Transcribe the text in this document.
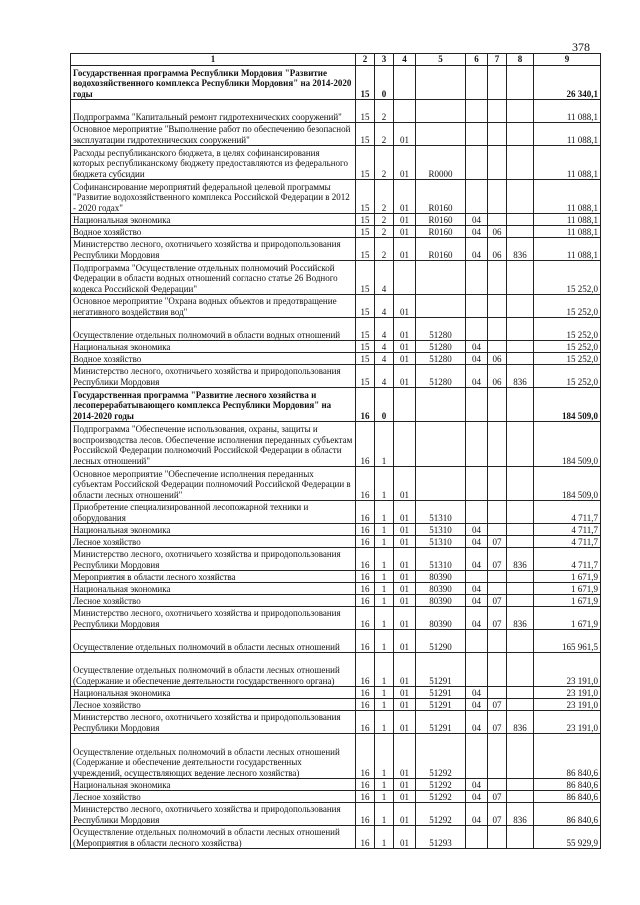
378
1	2	3	4	5	6	7	8	9
Государственная программа Республики Мордовия "Развитие водохозяйственного комплекса Республики Мордовия" на 2014-2020 годы	15	0						26 340,1
Подпрограмма "Капитальный ремонт гидротехнических сооружений"	15	2						11 088,1
Основное мероприятие "Выполнение работ по обеспечению безопасной эксплуатации гидротехнических сооружений"	15	2	01					11 088,1
Расходы республиканского бюджета, в целях софинансирования которых республиканскому бюджету предоставляются из федерального бюджета субсидии	15	2	01	R0000				11 088,1
Софинансирование мероприятий федеральной целевой программы "Развитие водохозяйственного комплекса Российской Федерации в 2012 - 2020 годах"	15	2	01	R0160				11 088,1
Национальная экономика	15	2	01	R0160	04			11 088,1
Водное хозяйство	15	2	01	R0160	04	06		11 088,1
Министерство лесного, охотничьего хозяйства и природопользования Республики Мордовия	15	2	01	R0160	04	06	836	11 088,1
Подпрограмма "Осуществление отдельных полномочий Российской Федерации в области водных отношений согласно статье 26 Водного кодекса Российской Федерации"	15	4						15 252,0
Основное мероприятие "Охрана водных объектов и предотвращение негативного воздействия вод"	15	4	01					15 252,0
Осуществление отдельных полномочий в области водных отношений	15	4	01	51280				15 252,0
Национальная экономика	15	4	01	51280	04			15 252,0
Водное хозяйство	15	4	01	51280	04	06		15 252,0
Министерство лесного, охотничьего хозяйства и природопользования Республики Мордовия	15	4	01	51280	04	06	836	15 252,0
Государственная программа "Развитие лесного хозяйства и лесоперерабатывающего комплекса Республики Мордовия" на 2014-2020 годы	16	0						184 509,0
Подпрограмма "Обеспечение использования, охраны, защиты и воспроизводства лесов. Обеспечение исполнения переданных субъектам Российской Федерации полномочий Российской Федерации в области лесных отношений"	16	1						184 509,0
Основное мероприятие "Обеспечение исполнения переданных субъектам Российской Федерации полномочий Российской Федерации в области лесных отношений"	16	1	01					184 509,0
Приобретение специализированной лесопожарной техники и оборудования	16	1	01	51310				4 711,7
Национальная экономика	16	1	01	51310	04			4 711,7
Лесное хозяйство	16	1	01	51310	04	07		4 711,7
Министерство лесного, охотничьего хозяйства и природопользования Республики Мордовия	16	1	01	51310	04	07	836	4 711,7
Мероприятия в области лесного хозяйства	16	1	01	80390				1 671,9
Национальная экономика	16	1	01	80390	04			1 671,9
Лесное хозяйство	16	1	01	80390	04	07		1 671,9
Министерство лесного, охотничьего хозяйства и природопользования Республики Мордовия	16	1	01	80390	04	07	836	1 671,9
Осуществление отдельных полномочий в области лесных отношений	16	1	01	51290				165 961,5
Осуществление отдельных полномочий в области лесных отношений (Содержание и обеспечение деятельности государственного органа)	16	1	01	51291				23 191,0
Национальная экономика	16	1	01	51291	04			23 191,0
Лесное хозяйство	16	1	01	51291	04	07		23 191,0
Министерство лесного, охотничьего хозяйства и природопользования Республики Мордовия	16	1	01	51291	04	07	836	23 191,0
Осуществление отдельных полномочий в области лесных отношений (Содержание и обеспечение деятельности государственных учреждений, осуществляющих ведение лесного хозяйства)	16	1	01	51292				86 840,6
Национальная экономика	16	1	01	51292	04			86 840,6
Лесное хозяйство	16	1	01	51292	04	07		86 840,6
Министерство лесного, охотничьего хозяйства и природопользования Республики Мордовия	16	1	01	51292	04	07	836	86 840,6
Осуществление отдельных полномочий в области лесных отношений (Мероприятия в области лесного хозяйства)	16	1	01	51293				55 929,9
